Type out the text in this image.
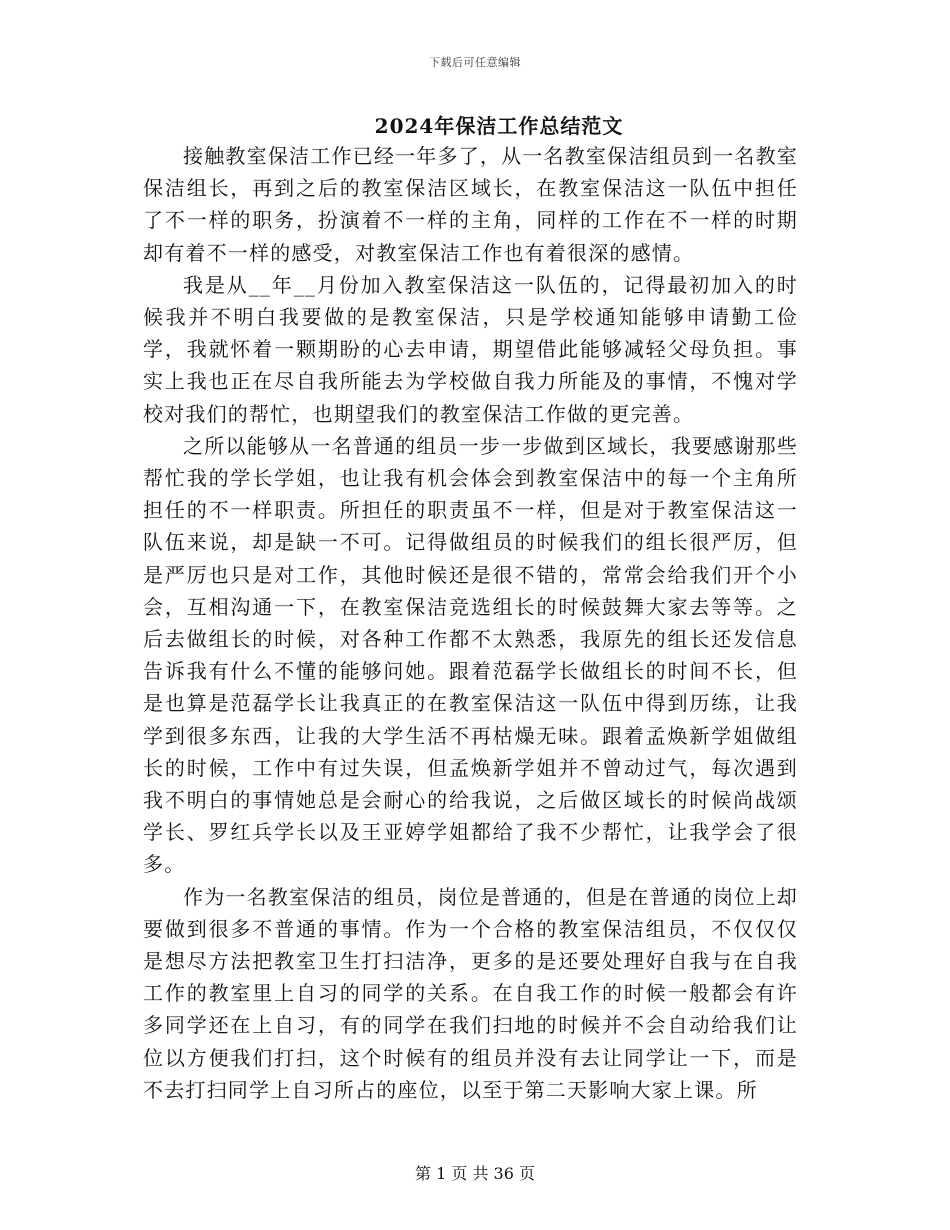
下载后可任意编辑
2024年保洁工作总结范文

接触教室保洁工作已经一年多了，从一名教室保洁组员到一名教室保洁组长，再到之后的教室保洁区域长，在教室保洁这一队伍中担任了不一样的职务，扮演着不一样的主角，同样的工作在不一样的时期却有着不一样的感受，对教室保洁工作也有着很深的感情。

我是从__年__月份加入教室保洁这一队伍的，记得最初加入的时候我并不明白我要做的是教室保洁，只是学校通知能够申请勤工俭学，我就怀着一颗期盼的心去申请，期望借此能够减轻父母负担。事实上我也正在尽自我所能去为学校做自我力所能及的事情，不愧对学校对我们的帮忙，也期望我们的教室保洁工作做的更完善。

之所以能够从一名普通的组员一步一步做到区域长，我要感谢那些帮忙我的学长学姐，也让我有机会体会到教室保洁中的每一个主角所担任的不一样职责。所担任的职责虽不一样，但是对于教室保洁这一队伍来说，却是缺一不可。记得做组员的时候我们的组长很严厉，但是严厉也只是对工作，其他时候还是很不错的，常常会给我们开个小会，互相沟通一下，在教室保洁竞选组长的时候鼓舞大家去等等。之后去做组长的时候，对各种工作都不太熟悉，我原先的组长还发信息告诉我有什么不懂的能够问她。跟着范磊学长做组长的时间不长，但是也算是范磊学长让我真正的在教室保洁这一队伍中得到历练，让我学到很多东西，让我的大学生活不再枯燥无味。跟着孟焕新学姐做组长的时候，工作中有过失误，但孟焕新学姐并不曾动过气，每次遇到我不明白的事情她总是会耐心的给我说，之后做区域长的时候尚战颂学长、罗红兵学长以及王亚婷学姐都给了我不少帮忙，让我学会了很多。

作为一名教室保洁的组员，岗位是普通的，但是在普通的岗位上却要做到很多不普通的事情。作为一个合格的教室保洁组员，不仅仅仅是想尽方法把教室卫生打扫洁净，更多的是还要处理好自我与在自我工作的教室里上自习的同学的关系。在自我工作的时候一般都会有许多同学还在上自习，有的同学在我们扫地的时候并不会自动给我们让位以方便我们打扫，这个时候有的组员并没有去让同学让一下，而是不去打扫同学上自习所占的座位，以至于第二天影响大家上课。所

第 1 页 共 36 页
